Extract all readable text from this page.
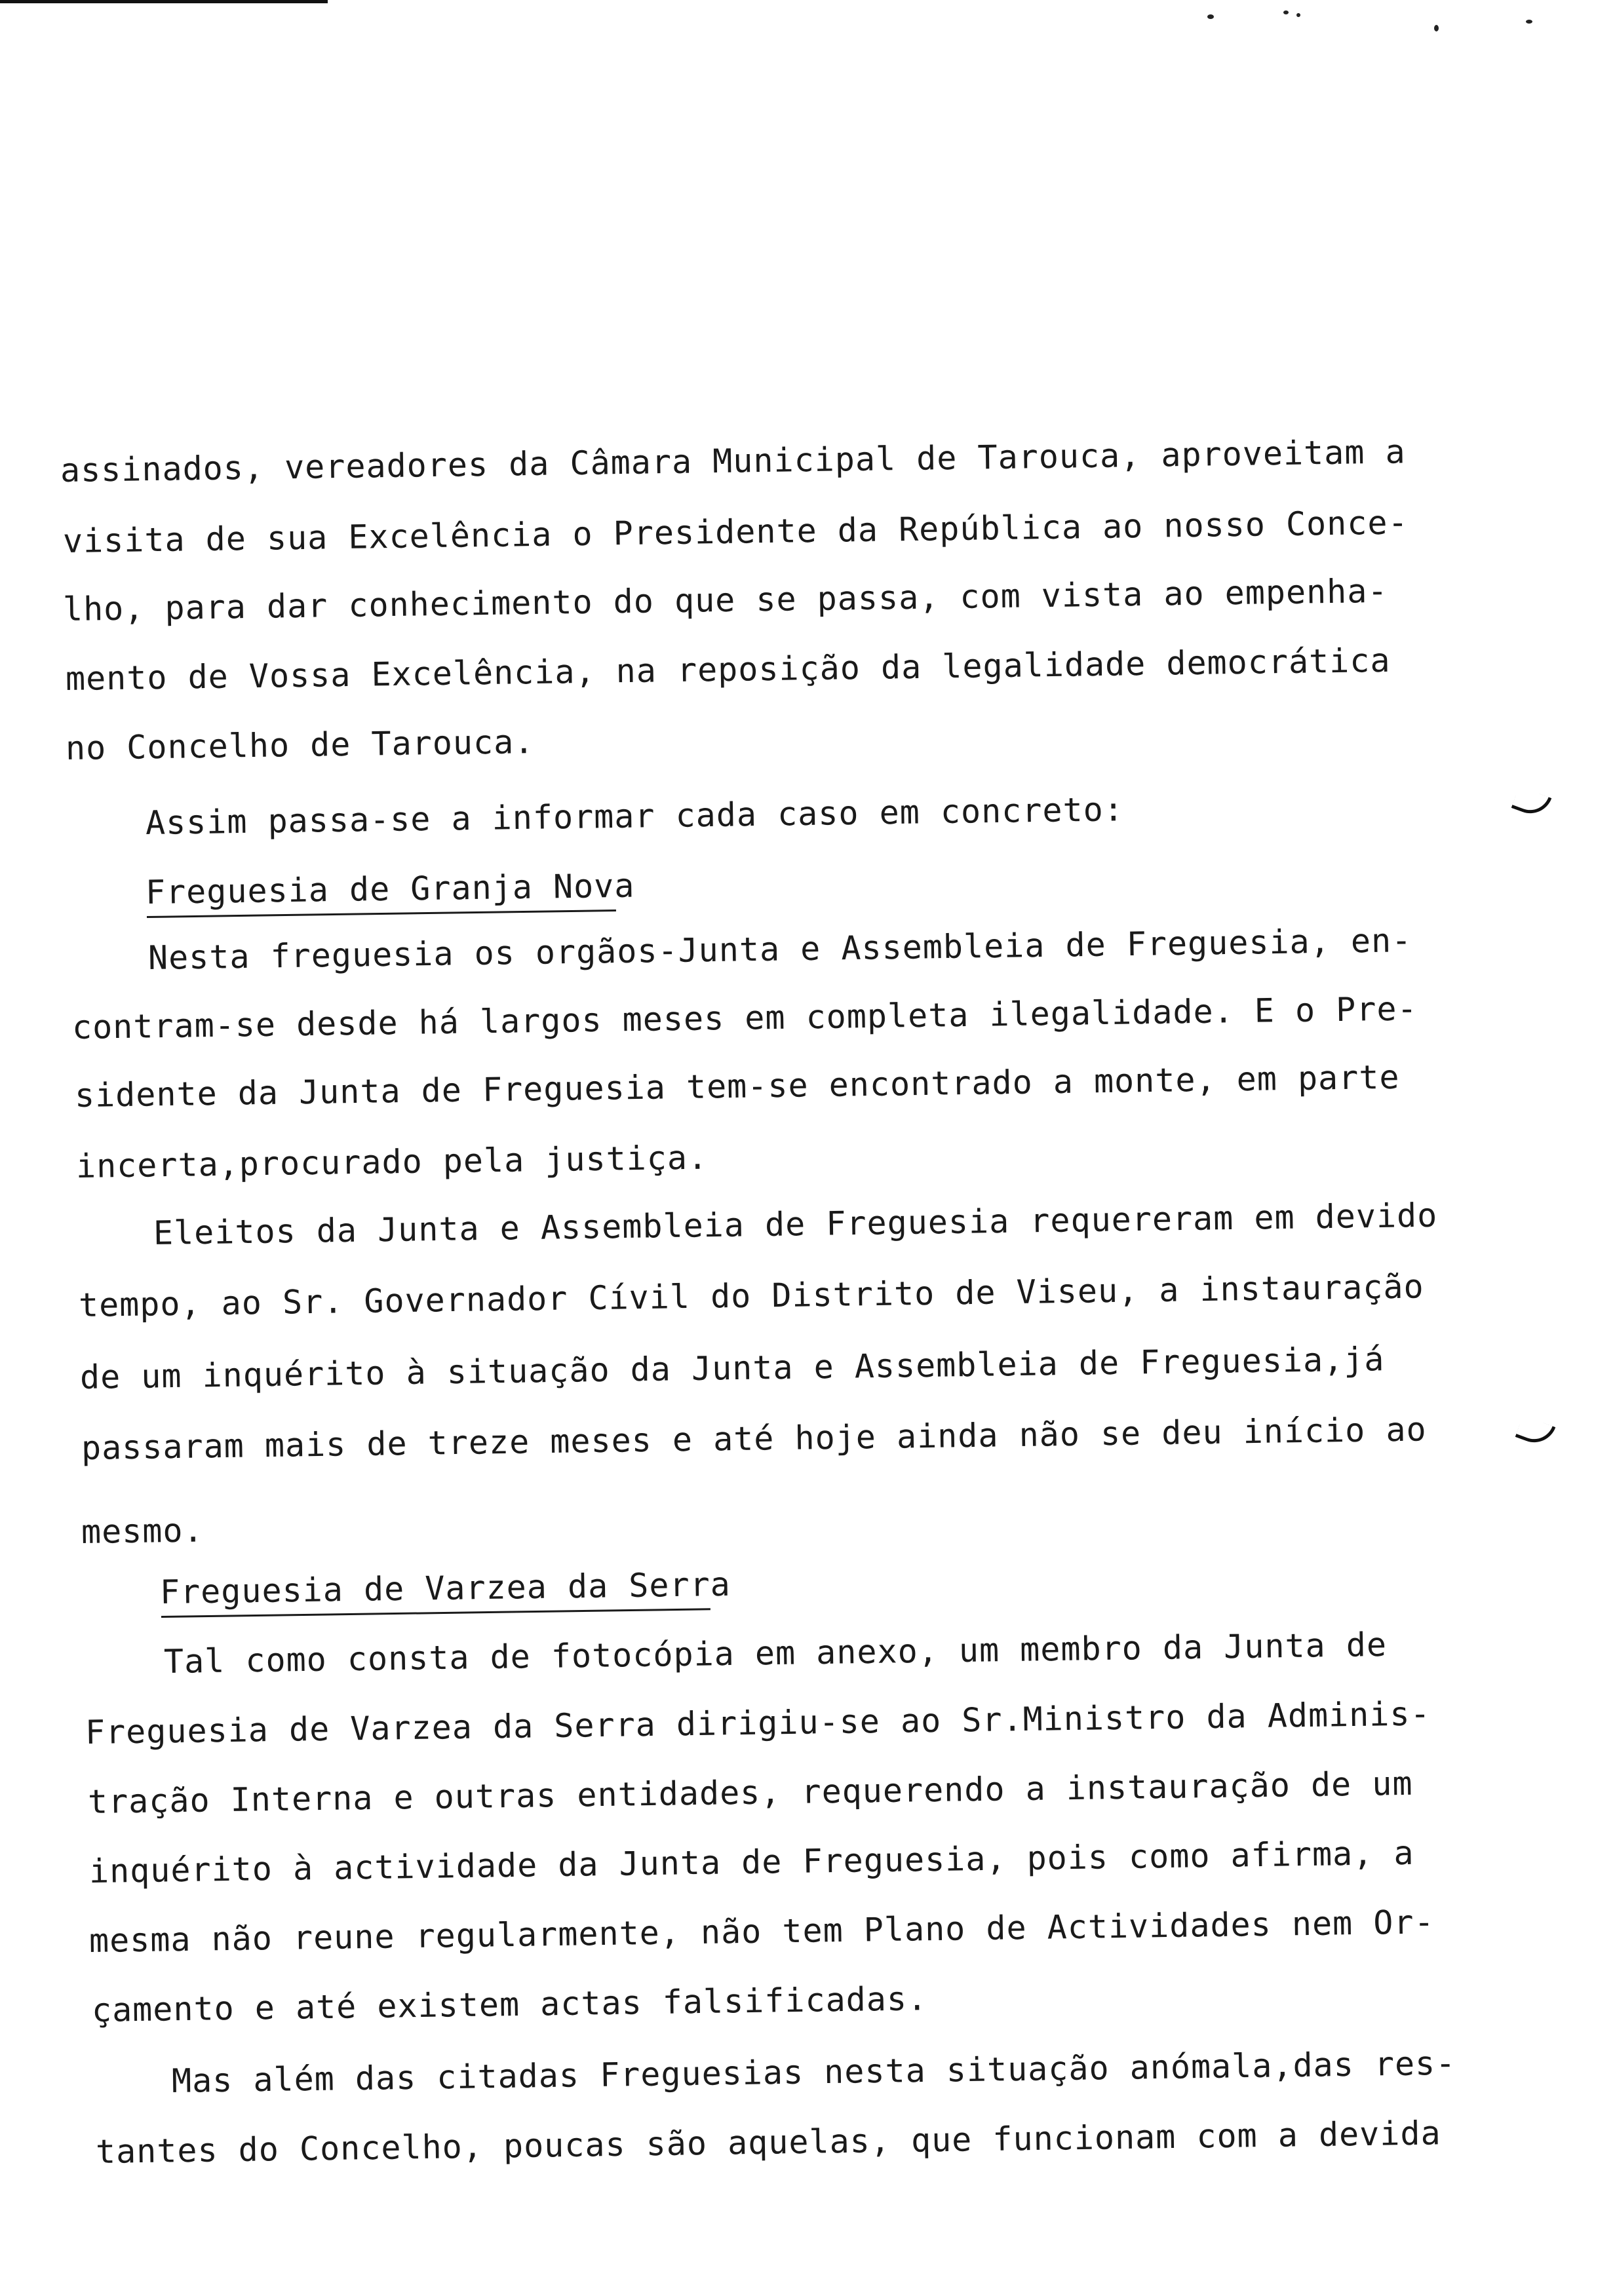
assinados, vereadores da Câmara Municipal de Tarouca, aproveitam a
visita de sua Excelência o Presidente da República ao nosso Conce-
lho, para dar conhecimento do que se passa, com vista ao empenha-
mento de Vossa Excelência, na reposição da legalidade democrática
no Concelho de Tarouca.
Assim passa-se a informar cada caso em concreto:
Freguesia de Granja Nova
Nesta freguesia os orgãos-Junta e Assembleia de Freguesia, en-
contram-se desde há largos meses em completa ilegalidade. E o Pre-
sidente da Junta de Freguesia tem-se encontrado a monte, em parte
incerta,procurado pela justiça.
Eleitos da Junta e Assembleia de Freguesia requereram em devido
tempo, ao Sr. Governador Cívil do Distrito de Viseu, a instauração
de um inquérito à situação da Junta e Assembleia de Freguesia,já
passaram mais de treze meses e até hoje ainda não se deu início ao
mesmo.
Freguesia de Varzea da Serra
Tal como consta de fotocópia em anexo, um membro da Junta de
Freguesia de Varzea da Serra dirigiu-se ao Sr.Ministro da Adminis-
tração Interna e outras entidades, requerendo a instauração de um
inquérito à actividade da Junta de Freguesia, pois como afirma, a
mesma não reune regularmente, não tem Plano de Actividades nem Or-
çamento e até existem actas falsificadas.
Mas além das citadas Freguesias nesta situação anómala,das res-
tantes do Concelho, poucas são aquelas, que funcionam com a devida
